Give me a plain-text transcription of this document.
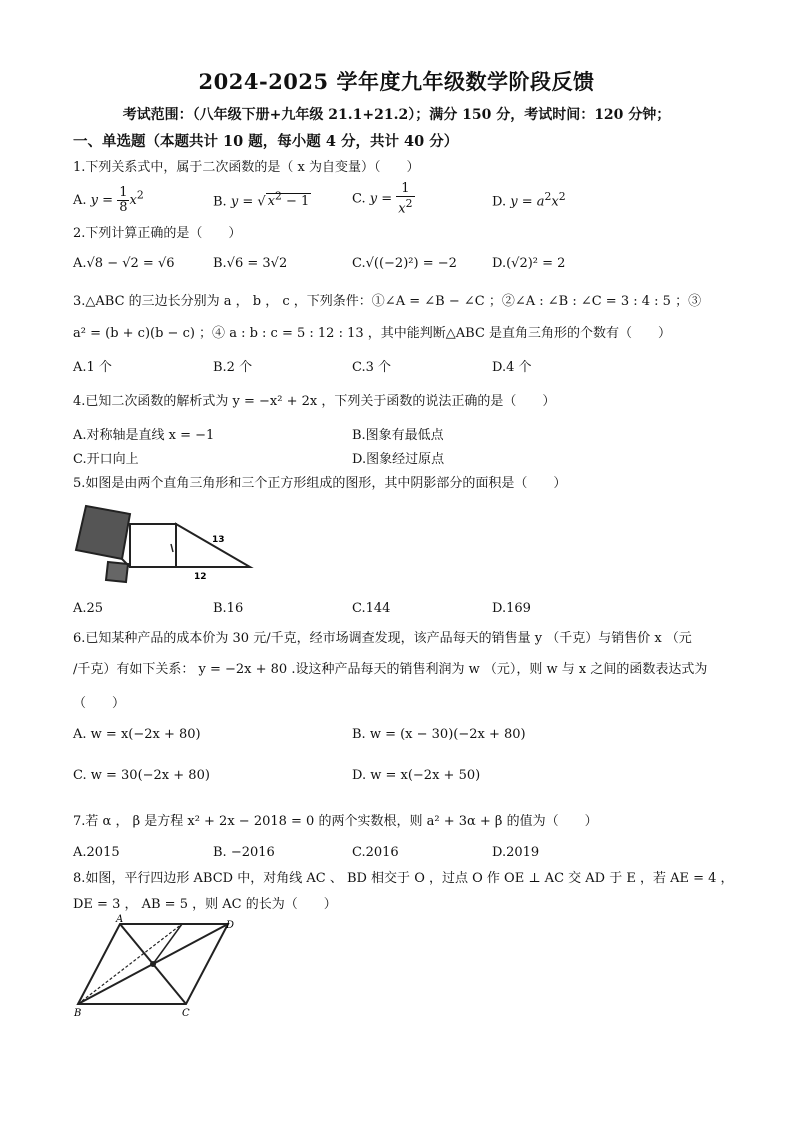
2024-2025 学年度九年级数学阶段反馈
考试范围：（八年级下册+九年级 21.1+21.2）；满分 150 分，考试时间：120 分钟；
一、单选题（本题共计 10 题，每小题 4 分，共计 40 分）
1.下列关系式中，属于二次函数的是（ x 为自变量）（　　）
A. $y = \frac{1}{8} x^2$	B. y = √ $x^2 - 1$	C. $y = \frac{1}{x^2}$	D. $y = a^2x^2$
2.下列计算正确的是（　　）
A.√8 − √2 = √6	B.√6 = 3√2	C.√((−2)²) = −2	D.(√2)² = 2
3.△ABC 的三边长分别为 a ， b ， c ，下列条件：①∠A = ∠B − ∠C ；②∠A : ∠B : ∠C = 3 : 4 : 5 ；③
a² = (b + c)(b − c) ；④ a : b : c = 5 : 12 : 13 ，其中能判断△ABC 是直角三角形的个数有（　　）
A.1 个	B.2 个	C.3 个	D.4 个
4.已知二次函数的解析式为 y = −x² + 2x ，下列关于函数的说法正确的是（　　）
A.对称轴是直线 x = −1	B.图象有最低点
C.开口向上	D.图象经过原点
5.如图是由两个直角三角形和三个正方形组成的图形，其中阴影部分的面积是（　　）
13
12
A.25	B.16	C.144	D.169
6.已知某种产品的成本价为 30 元/千克，经市场调查发现，该产品每天的销售量 y （千克）与销售价 x （元
/千克）有如下关系： y = −2x + 80 .设这种产品每天的销售利润为 w （元），则 w 与 x 之间的函数表达式为
（　　）
A. w = x(−2x + 80)	B. w = (x − 30)(−2x + 80)
C. w = 30(−2x + 80)	D. w = x(−2x + 50)
7.若 α ， β 是方程 x² + 2x − 2018 = 0 的两个实数根，则 a² + 3α + β 的值为（　　）
A.2015	B. −2016	C.2016	D.2019
8.如图，平行四边形 ABCD 中，对角线 AC 、 BD 相交于 O ，过点 O 作 OE ⊥ AC 交 AD 于 E ，若 AE = 4 ，
DE = 3 ， AB = 5 ，则 AC 的长为（　　）
A
D
B	C
